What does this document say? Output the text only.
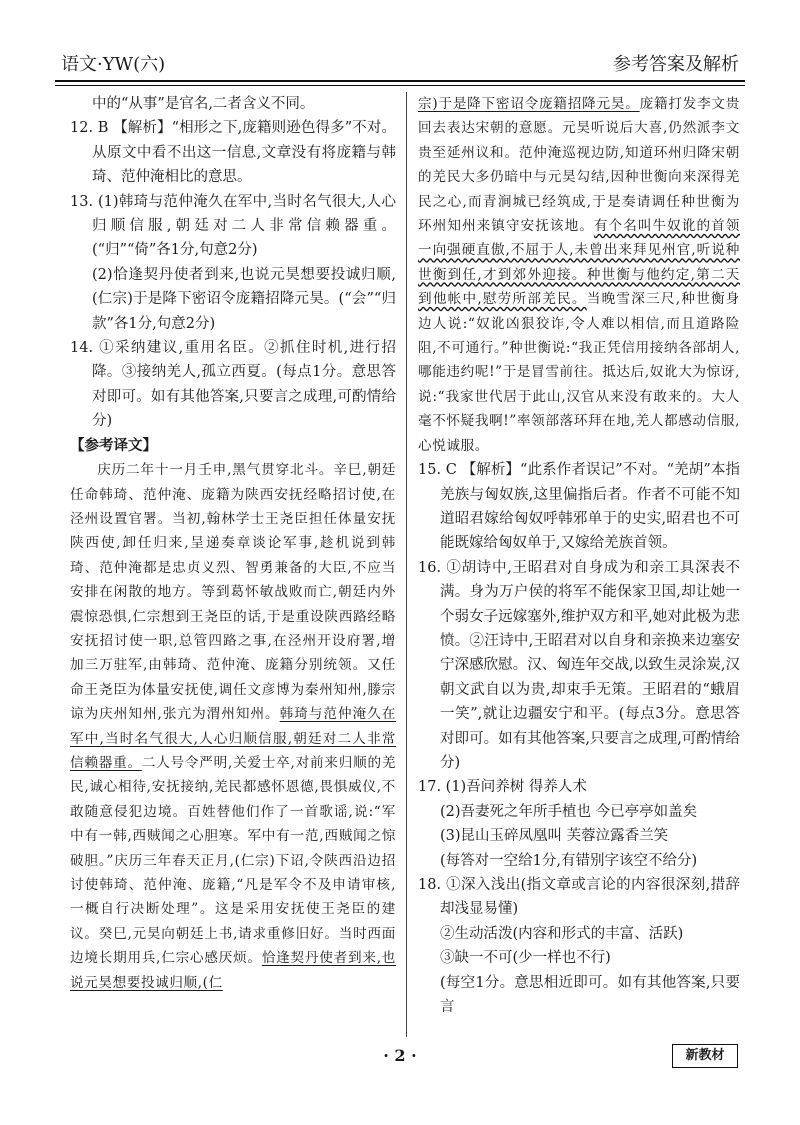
语文·YW(六)	参考答案及解析

中的“从事”是官名,二者含义不同。

12. B 【解析】“相形之下,庞籍则逊色得多”不对。从原文中看不出这一信息,文章没有将庞籍与韩琦、范仲淹相比的意思。

13. (1)韩琦与范仲淹久在军中,当时名气很大,人心归顺信服,朝廷对二人非常信赖器重。(“归”“倚”各1分,句意2分)

(2)恰逢契丹使者到来,也说元昊想要投诚归顺,(仁宗)于是降下密诏令庞籍招降元昊。(“会”“归款”各1分,句意2分)

14. ①采纳建议,重用名臣。②抓住时机,进行招降。③接纳羌人,孤立西夏。(每点1分。意思答对即可。如有其他答案,只要言之成理,可酌情给分)

【参考译文】

庆历二年十一月壬申,黑气贯穿北斗。辛巳,朝廷任命韩琦、范仲淹、庞籍为陕西安抚经略招讨使,在泾州设置官署。当初,翰林学士王尧臣担任体量安抚陕西使,卸任归来,呈递奏章谈论军事,趁机说到韩琦、范仲淹都是忠贞义烈、智勇兼备的大臣,不应当安排在闲散的地方。等到葛怀敏战败而亡,朝廷内外震惊恐惧,仁宗想到王尧臣的话,于是重设陕西路经略安抚招讨使一职,总管四路之事,在泾州开设府署,增加三万驻军,由韩琦、范仲淹、庞籍分别统领。又任命王尧臣为体量安抚使,调任文彦博为秦州知州,滕宗谅为庆州知州,张亢为渭州知州。韩琦与范仲淹久在军中,当时名气很大,人心归顺信服,朝廷对二人非常信赖器重。二人号令严明,关爱士卒,对前来归顺的羌民,诚心相待,安抚接纳,羌民都感怀恩德,畏惧威仪,不敢随意侵犯边境。百姓替他们作了一首歌谣,说:“军中有一韩,西贼闻之心胆寒。军中有一范,西贼闻之惊破胆。”庆历三年春天正月,(仁宗)下诏,令陕西沿边招讨使韩琦、范仲淹、庞籍,“凡是军令不及申请审核,一概自行决断处理”。这是采用安抚使王尧臣的建议。癸巳,元昊向朝廷上书,请求重修旧好。当时西面边境长期用兵,仁宗心感厌烦。恰逢契丹使者到来,也说元昊想要投诚归顺,(仁

宗)于是降下密诏令庞籍招降元昊。庞籍打发李文贵回去表达宋朝的意愿。元昊听说后大喜,仍然派李文贵至延州议和。范仲淹巡视边防,知道环州归降宋朝的羌民大多仍暗中与元昊勾结,因种世衡向来深得羌民之心,而青涧城已经筑成,于是奏请调任种世衡为环州知州来镇守安抚该地。有个名叫牛奴讹的首领一向强硬直傲,不屈于人,未曾出来拜见州官,听说种世衡到任,才到郊外迎接。种世衡与他约定,第二天到他帐中,慰劳所部羌民。当晚雪深三尺,种世衡身边人说:“奴讹凶狠狡诈,令人难以相信,而且道路险阻,不可通行。”种世衡说:“我正凭信用接纳各部胡人,哪能违约呢!”于是冒雪前往。抵达后,奴讹大为惊讶,说:“我家世代居于此山,汉官从来没有敢来的。大人毫不怀疑我啊!”率领部落环拜在地,羌人都感动信服,心悦诚服。

15. C 【解析】“此系作者误记”不对。“羌胡”本指羌族与匈奴族,这里偏指后者。作者不可能不知道昭君嫁给匈奴呼韩邪单于的史实,昭君也不可能既嫁给匈奴单于,又嫁给羌族首领。

16. ①胡诗中,王昭君对自身成为和亲工具深表不满。身为万户侯的将军不能保家卫国,却让她一个弱女子远嫁塞外,维护双方和平,她对此极为悲愤。②汪诗中,王昭君对以自身和亲换来边塞安宁深感欣慰。汉、匈连年交战,以致生灵涂炭,汉朝文武自以为贵,却束手无策。王昭君的“蛾眉一笑”,就让边疆安宁和平。(每点3分。意思答对即可。如有其他答案,只要言之成理,可酌情给分)

17. (1)吾问养树 得养人术

(2)吾妻死之年所手植也 今已亭亭如盖矣

(3)昆山玉碎凤凰叫 芙蓉泣露香兰笑

(每答对一空给1分,有错别字该空不给分)

18. ①深入浅出(指文章或言论的内容很深刻,措辞却浅显易懂)

②生动活泼(内容和形式的丰富、活跃)

③缺一不可(少一样也不行)

(每空1分。意思相近即可。如有其他答案,只要言

· 2 ·	新教材
